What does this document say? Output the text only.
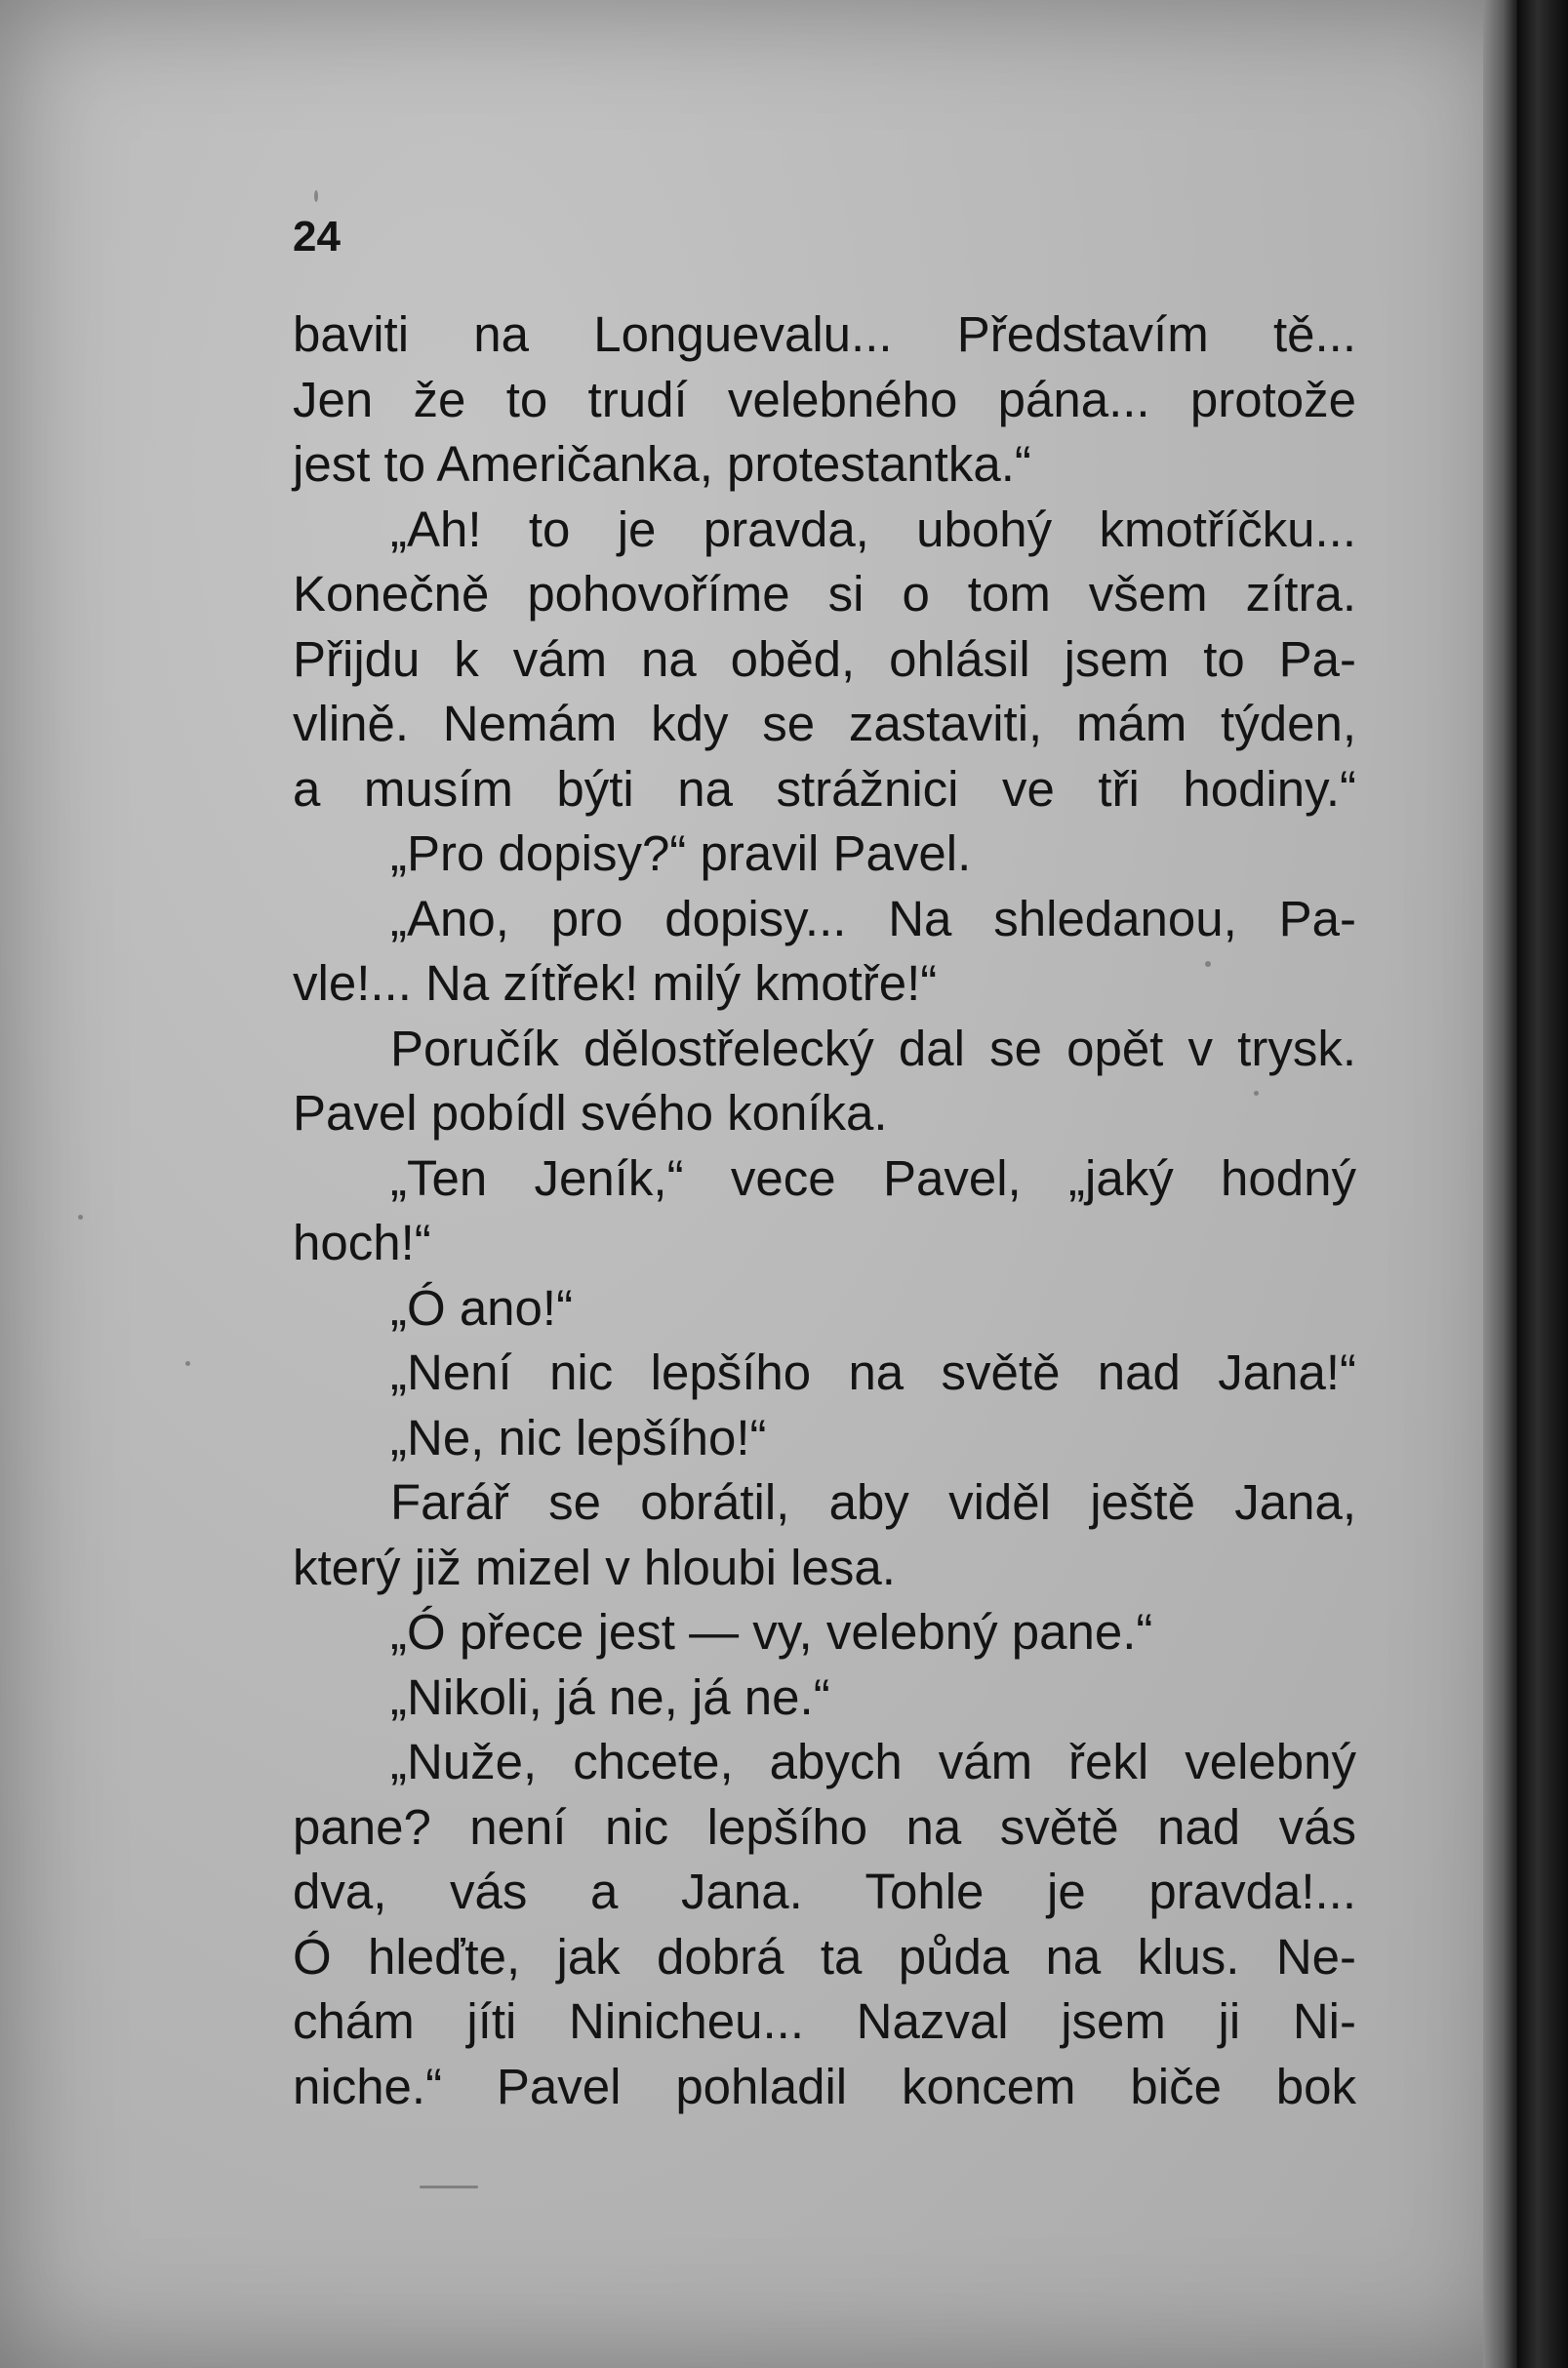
24

baviti na Longuevalu... Představím tě...
Jen že to trudí velebného pána... protože
jest to Američanka, protestantka.“
„Ah! to je pravda, ubohý kmotříčku...
Konečně pohovoříme si o tom všem zítra.
Přijdu k vám na oběd, ohlásil jsem to Pa-
vlině. Nemám kdy se zastaviti, mám týden,
a musím býti na strážnici ve tři hodiny.“
„Pro dopisy?“ pravil Pavel.
„Ano, pro dopisy... Na shledanou, Pa-
vle!... Na zítřek! milý kmotře!“
Poručík dělostřelecký dal se opět v trysk.
Pavel pobídl svého koníka.
„Ten Jeník,“ vece Pavel, „jaký hodný
hoch!“
„Ó ano!“
„Není nic lepšího na světě nad Jana!“
„Ne, nic lepšího!“
Farář se obrátil, aby viděl ještě Jana,
který již mizel v hloubi lesa.
„Ó přece jest — vy, velebný pane.“
„Nikoli, já ne, já ne.“
„Nuže, chcete, abych vám řekl velebný
pane? není nic lepšího na světě nad vás
dva, vás a Jana. Tohle je pravda!...
Ó hleďte, jak dobrá ta půda na klus. Ne-
chám jíti Ninicheu... Nazval jsem ji Ni-
niche.“ Pavel pohladil koncem biče bok
